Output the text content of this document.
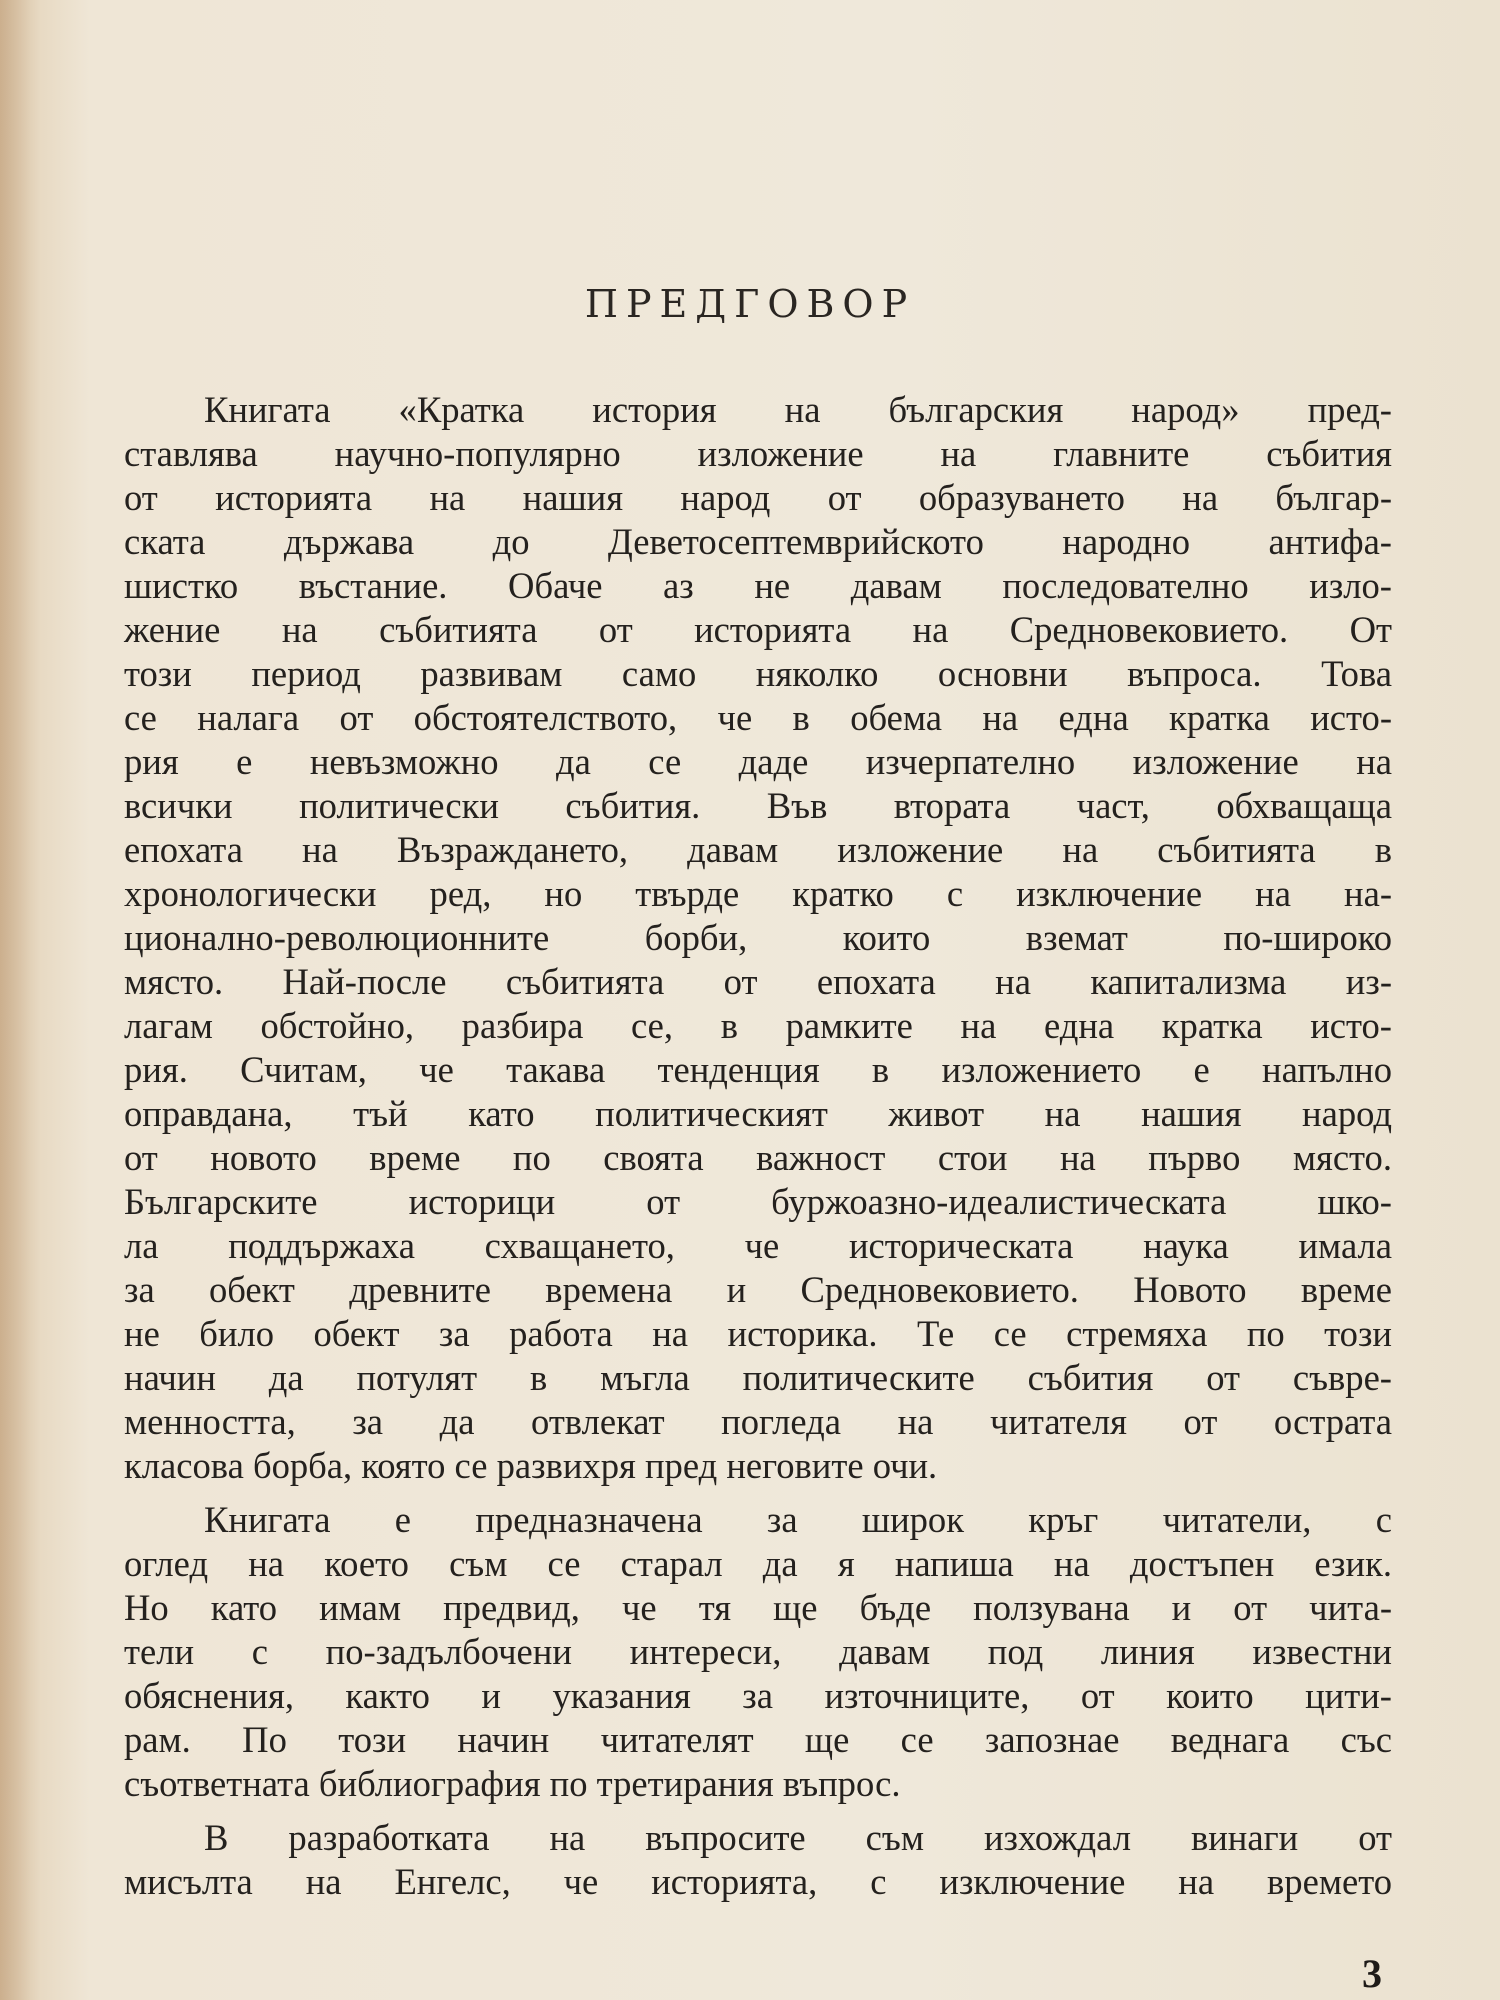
ПРЕДГОВОР
Книгата «Кратка история на българския народ» пред-
ставлява научно-популярно изложение на главните събития
от историята на нашия народ от образуването на българ-
ската държава до Деветосептемврийското народно антифа-
шистко въстание. Обаче аз не давам последователно изло-
жение на събитията от историята на Средновековието. От
този период развивам само няколко основни въпроса. Това
се налага от обстоятелството, че в обема на една кратка исто-
рия е невъзможно да се даде изчерпателно изложение на
всички политически събития. Във втората част, обхващаща
епохата на Възраждането, давам изложение на събитията в
хронологически ред, но твърде кратко с изключение на на-
ционално-революционните борби, които вземат по-широко
място. Най-после събитията от епохата на капитализма из-
лагам обстойно, разбира се, в рамките на една кратка исто-
рия. Считам, че такава тенденция в изложението е напълно
оправдана, тъй като политическият живот на нашия народ
от новото време по своята важност стои на първо място.
Българските историци от буржоазно-идеалистическата шко-
ла поддържаха схващането, че историческата наука имала
за обект древните времена и Средновековието. Новото време
не било обект за работа на историка. Те се стремяха по този
начин да потулят в мъгла политическите събития от съвре-
менността, за да отвлекат погледа на читателя от острата
класова борба, която се развихря пред неговите очи.
Книгата е предназначена за широк кръг читатели, с
оглед на което съм се старал да я напиша на достъпен език.
Но като имам предвид, че тя ще бъде ползувана и от чита-
тели с по-задълбочени интереси, давам под линия известни
обяснения, както и указания за източниците, от които цити-
рам. По този начин читателят ще се запознае веднага със
съответната библиография по третирания въпрос.
В разработката на въпросите съм изхождал винаги от
мисълта на Енгелс, че историята, с изключение на времето
3
